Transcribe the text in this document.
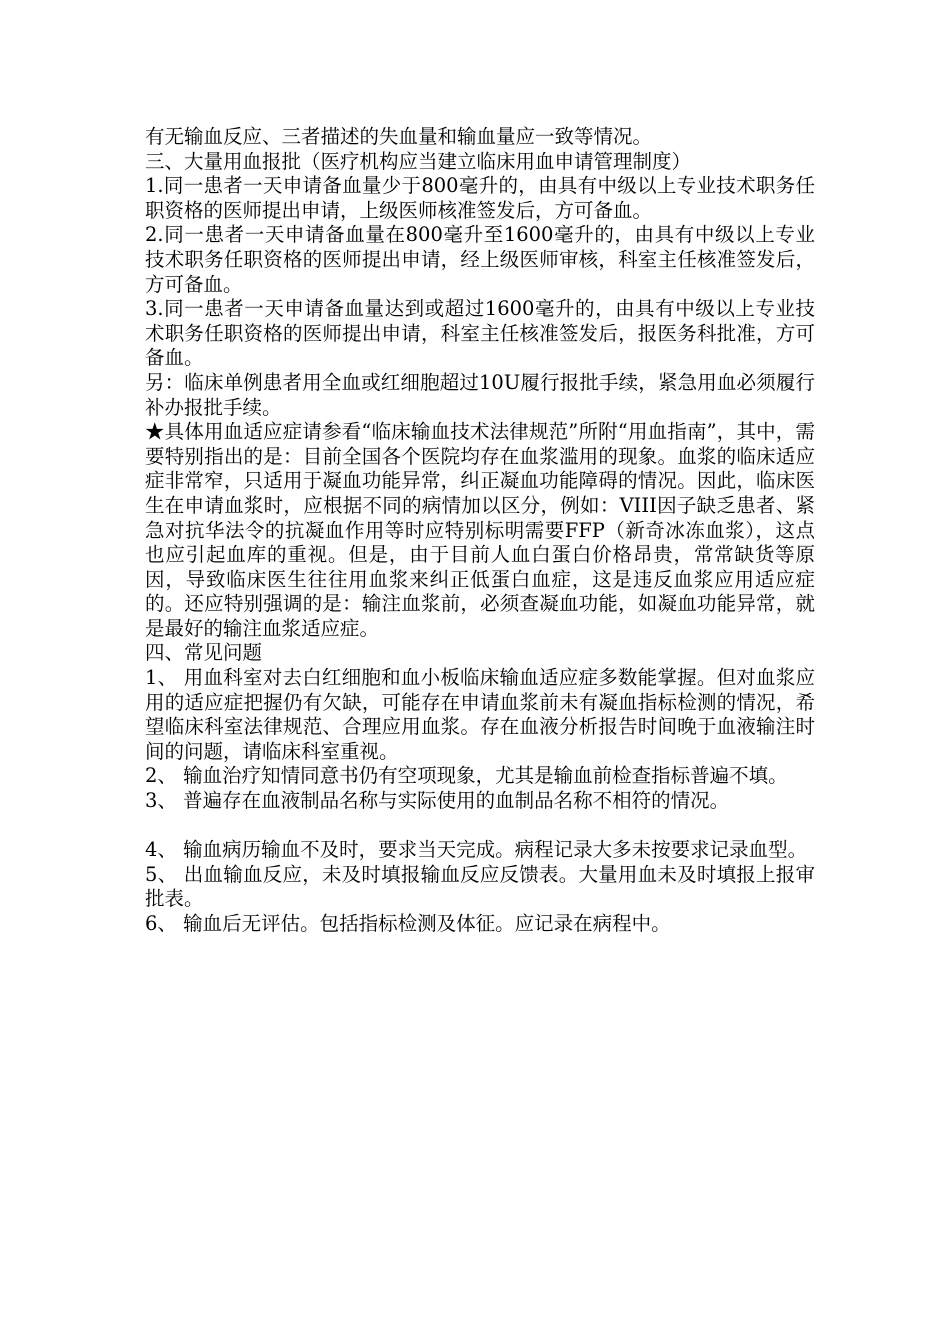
有无输血反应、三者描述的失血量和输血量应一致等情况。

三、大量用血报批（医疗机构应当建立临床用血申请管理制度）

1.同一患者一天申请备血量少于800毫升的，由具有中级以上专业技术职务任职资格的医师提出申请，上级医师核准签发后，方可备血。

2.同一患者一天申请备血量在800毫升至1600毫升的，由具有中级以上专业技术职务任职资格的医师提出申请，经上级医师审核，科室主任核准签发后，方可备血。

3.同一患者一天申请备血量达到或超过1600毫升的，由具有中级以上专业技术职务任职资格的医师提出申请，科室主任核准签发后，报医务科批准，方可备血。

另：临床单例患者用全血或红细胞超过10U履行报批手续，紧急用血必须履行补办报批手续。

★具体用血适应症请参看“临床输血技术法律规范”所附“用血指南”，其中，需要特别指出的是：目前全国各个医院均存在血浆滥用的现象。血浆的临床适应症非常窄，只适用于凝血功能异常，纠正凝血功能障碍的情况。因此，临床医生在申请血浆时，应根据不同的病情加以区分，例如：VIII因子缺乏患者、紧急对抗华法令的抗凝血作用等时应特别标明需要FFP（新奇冰冻血浆），这点也应引起血库的重视。但是，由于目前人血白蛋白价格昂贵，常常缺货等原因，导致临床医生往往用血浆来纠正低蛋白血症，这是违反血浆应用适应症的。还应特别强调的是：输注血浆前，必须查凝血功能，如凝血功能异常，就是最好的输注血浆适应症。

四、常见问题

1、 用血科室对去白红细胞和血小板临床输血适应症多数能掌握。但对血浆应用的适应症把握仍有欠缺，可能存在申请血浆前未有凝血指标检测的情况，希望临床科室法律规范、合理应用血浆。存在血液分析报告时间晚于血液输注时间的问题，请临床科室重视。

2、 输血治疗知情同意书仍有空项现象，尤其是输血前检查指标普遍不填。

3、 普遍存在血液制品名称与实际使用的血制品名称不相符的情况。

4、 输血病历输血不及时，要求当天完成。病程记录大多未按要求记录血型。

5、 出血输血反应，未及时填报输血反应反馈表。大量用血未及时填报上报审批表。

6、 输血后无评估。包括指标检测及体征。应记录在病程中。
